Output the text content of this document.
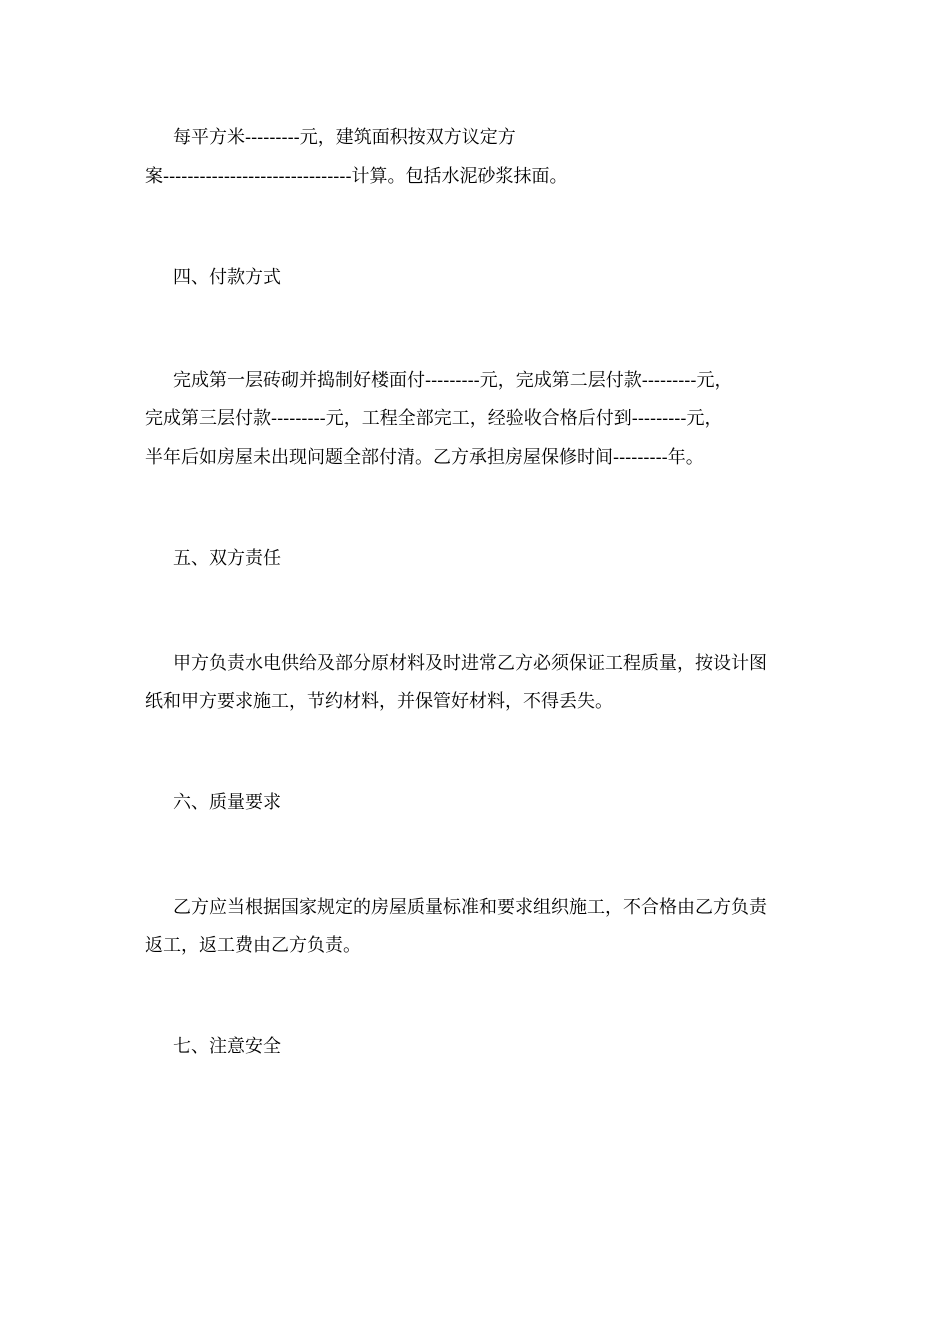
每平方米---------元，建筑面积按双方议定方
案-------------------------------计算。包括水泥砂浆抹面。
四、付款方式
完成第一层砖砌并捣制好楼面付---------元，完成第二层付款---------元，
完成第三层付款---------元，工程全部完工，经验收合格后付到---------元，
半年后如房屋未出现问题全部付清。乙方承担房屋保修时间---------年。
五、双方责任
甲方负责水电供给及部分原材料及时进常乙方必须保证工程质量，按设计图
纸和甲方要求施工，节约材料，并保管好材料，不得丢失。
六、质量要求
乙方应当根据国家规定的房屋质量标准和要求组织施工，不合格由乙方负责
返工，返工费由乙方负责。
七、注意安全
